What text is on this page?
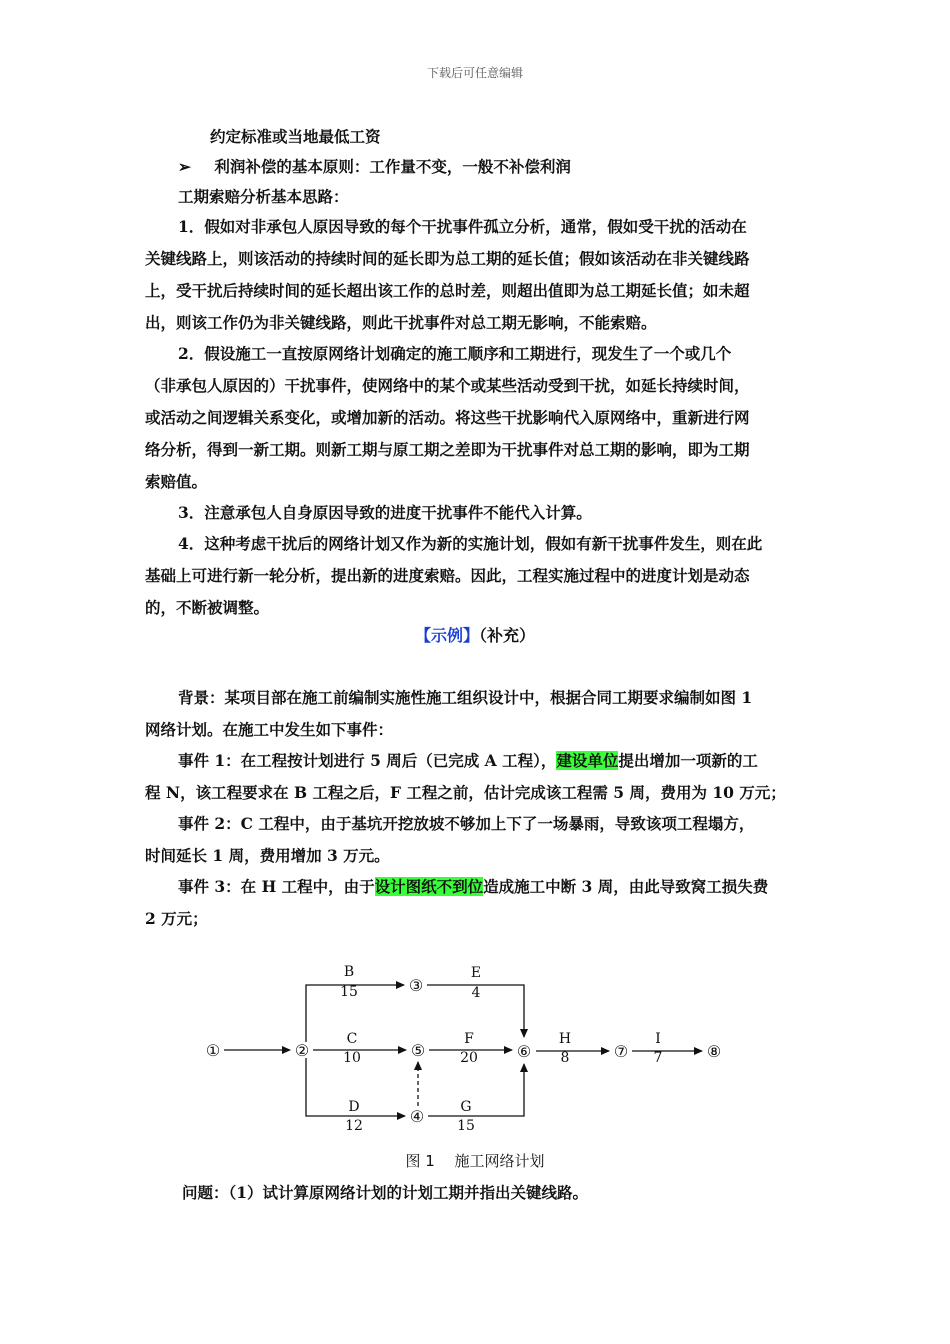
下载后可任意编辑
约定标准或当地最低工资
➢ 利润补偿的基本原则：工作量不变，一般不补偿利润
工期索赔分析基本思路：
1．假如对非承包人原因导致的每个干扰事件孤立分析，通常，假如受干扰的活动在
关键线路上，则该活动的持续时间的延长即为总工期的延长值；假如该活动在非关键线路
上，受干扰后持续时间的延长超出该工作的总时差，则超出值即为总工期延长值；如未超
出，则该工作仍为非关键线路，则此干扰事件对总工期无影响，不能索赔。
2．假设施工一直按原网络计划确定的施工顺序和工期进行，现发生了一个或几个
（非承包人原因的）干扰事件，使网络中的某个或某些活动受到干扰，如延长持续时间，
或活动之间逻辑关系变化，或增加新的活动。将这些干扰影响代入原网络中，重新进行网
络分析，得到一新工期。则新工期与原工期之差即为干扰事件对总工期的影响，即为工期
索赔值。
3．注意承包人自身原因导致的进度干扰事件不能代入计算。
4．这种考虑干扰后的网络计划又作为新的实施计划，假如有新干扰事件发生，则在此
基础上可进行新一轮分析，提出新的进度索赔。因此，工程实施过程中的进度计划是动态
的，不断被调整。
【示例】（补充）
背景：某项目部在施工前编制实施性施工组织设计中，根据合同工期要求编制如图 1
网络计划。在施工中发生如下事件：
事件 1：在工程按计划进行 5 周后（已完成 A 工程），建设单位提出增加一项新的工
程 N，该工程要求在 B 工程之后，F 工程之前，估计完成该工程需 5 周，费用为 10 万元；
事件 2：C 工程中，由于基坑开挖放坡不够加上下了一场暴雨，导致该项工程塌方，
时间延长 1 周，费用增加 3 万元。
事件 3：在 H 工程中，由于设计图纸不到位造成施工中断 3 周，由此导致窝工损失费
2 万元；
①	②
③
④
⑤	⑥	⑦	⑧
B
15
E
4
C
10
F
20
H
8
I
7
D
12
G
15
图 1　 施工网络计划
问题：（1）试计算原网络计划的计划工期并指出关键线路。
